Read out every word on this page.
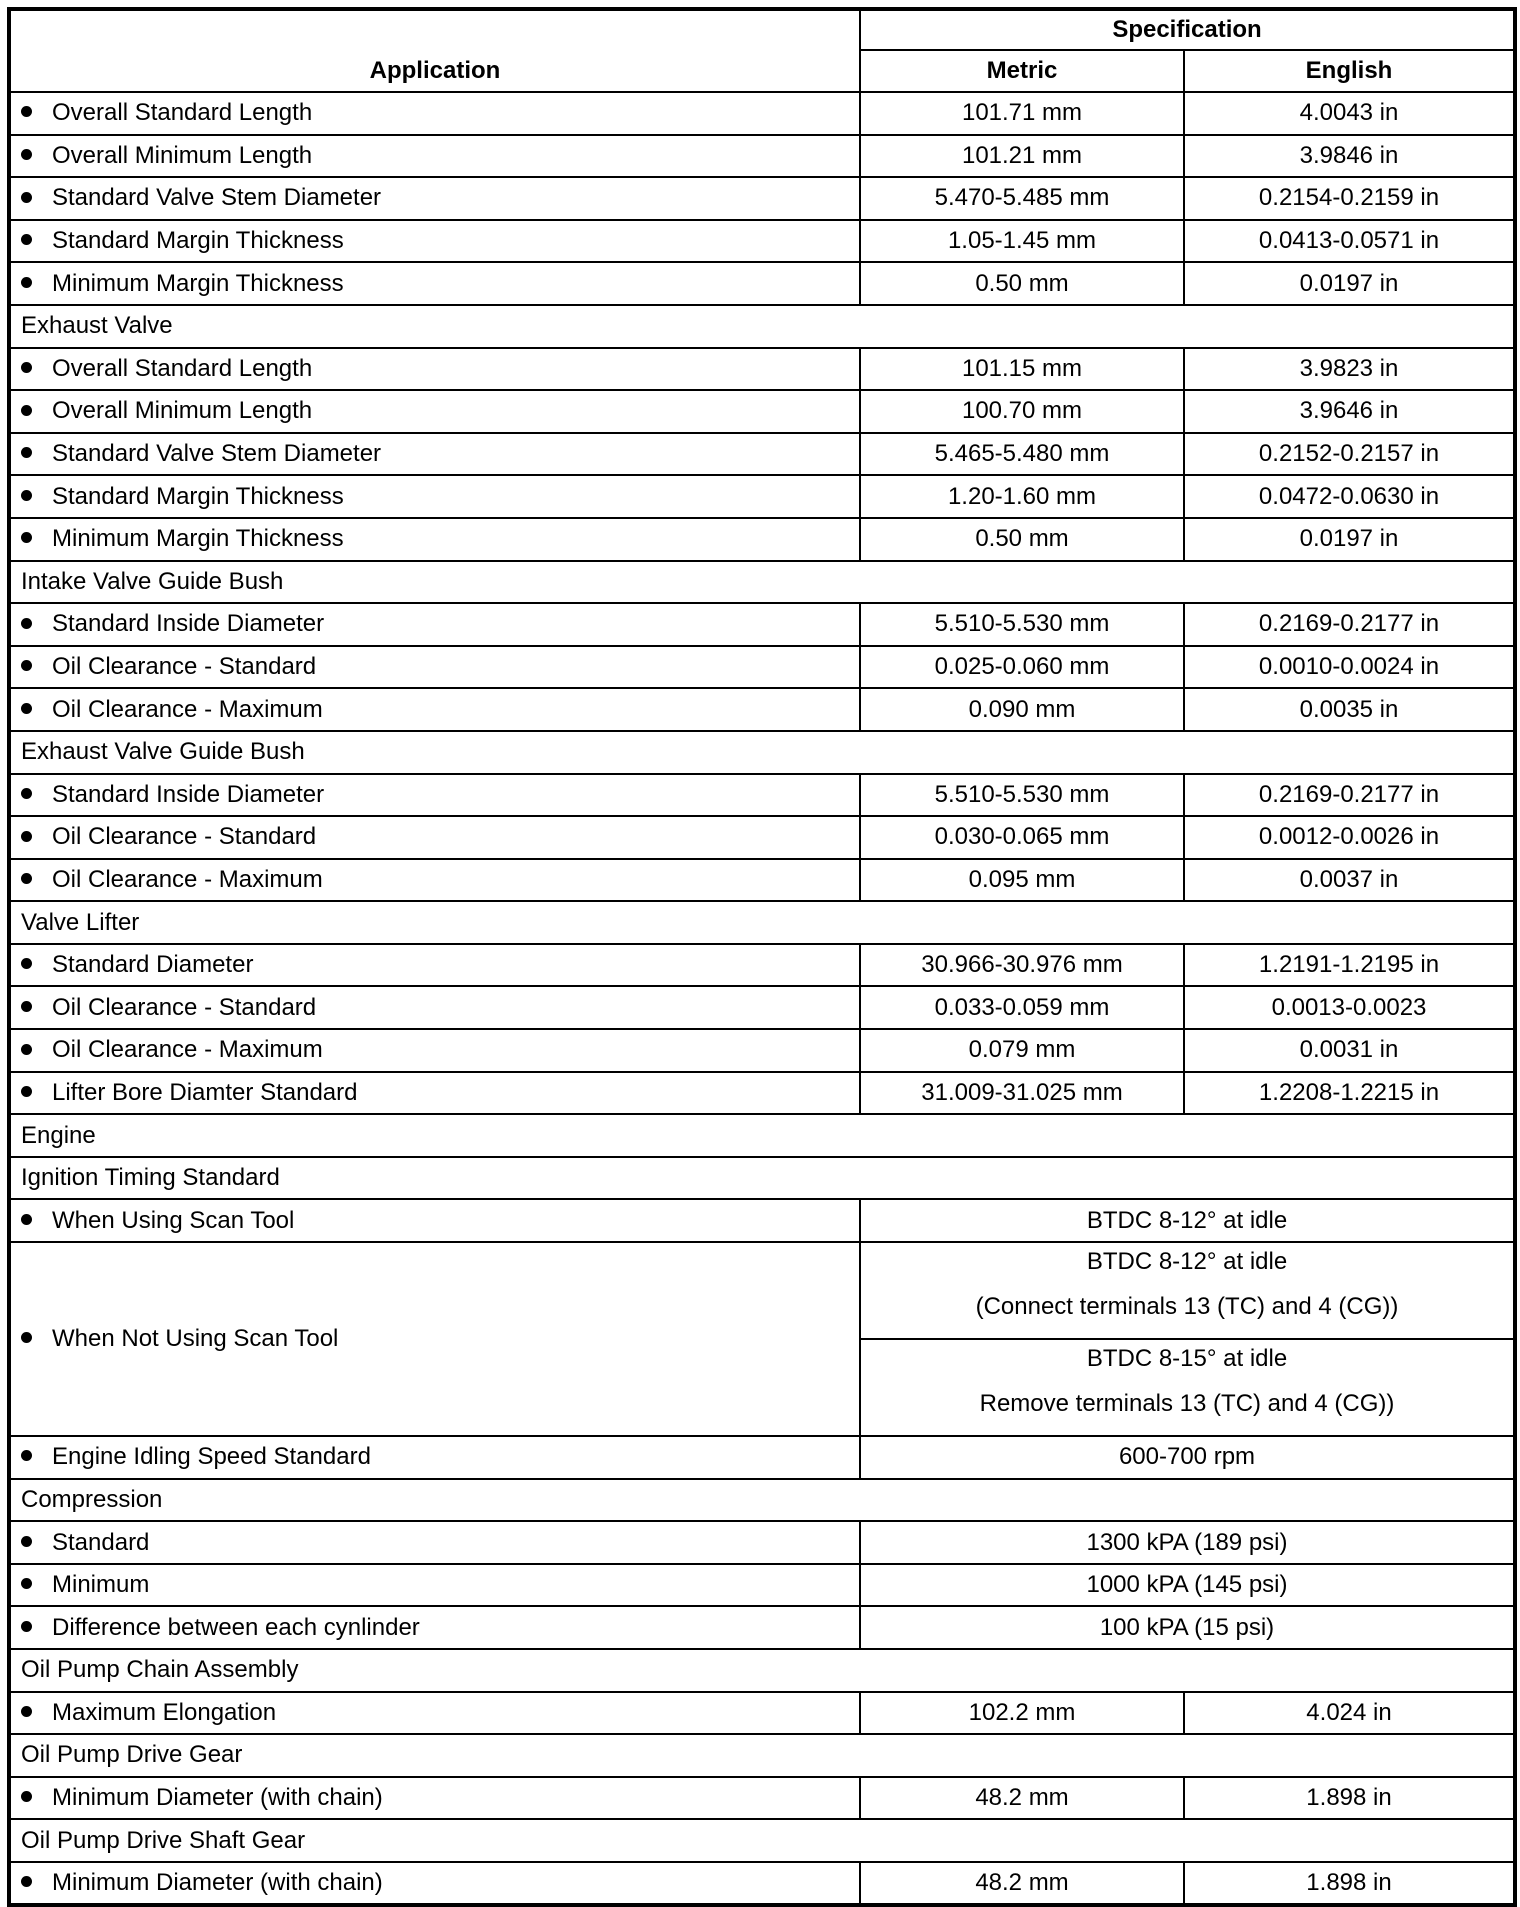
Application	Specification	
	Metric	English
Overall Standard Length	101.71 mm	4.0043 in
Overall Minimum Length	101.21 mm	3.9846 in
Standard Valve Stem Diameter	5.470-5.485 mm	0.2154-0.2159 in
Standard Margin Thickness	1.05-1.45 mm	0.0413-0.0571 in
Minimum Margin Thickness	0.50 mm	0.0197 in
Exhaust Valve		
Overall Standard Length	101.15 mm	3.9823 in
Overall Minimum Length	100.70 mm	3.9646 in
Standard Valve Stem Diameter	5.465-5.480 mm	0.2152-0.2157 in
Standard Margin Thickness	1.20-1.60 mm	0.0472-0.0630 in
Minimum Margin Thickness	0.50 mm	0.0197 in
Intake Valve Guide Bush		
Standard Inside Diameter	5.510-5.530 mm	0.2169-0.2177 in
Oil Clearance - Standard	0.025-0.060 mm	0.0010-0.0024 in
Oil Clearance - Maximum	0.090 mm	0.0035 in
Exhaust Valve Guide Bush		
Standard Inside Diameter	5.510-5.530 mm	0.2169-0.2177 in
Oil Clearance - Standard	0.030-0.065 mm	0.0012-0.0026 in
Oil Clearance - Maximum	0.095 mm	0.0037 in
Valve Lifter		
Standard Diameter	30.966-30.976 mm	1.2191-1.2195 in
Oil Clearance - Standard	0.033-0.059 mm	0.0013-0.0023
Oil Clearance - Maximum	0.079 mm	0.0031 in
Lifter Bore Diamter Standard	31.009-31.025 mm	1.2208-1.2215 in
Engine		
Ignition Timing Standard		
When Using Scan Tool	BTDC 8-12° at idle	
When Not Using Scan Tool	BTDC 8-12° at idle
(Connect terminals 13 (TC) and 4 (CG))	

	BTDC 8-15° at idle
Remove terminals 13 (TC) and 4 (CG))	

Engine Idling Speed Standard	600-700 rpm	
Compression		
Standard	1300 kPA (189 psi)	
Minimum	1000 kPA (145 psi)	
Difference between each cynlinder	100 kPA (15 psi)	
Oil Pump Chain Assembly		
Maximum Elongation	102.2 mm	4.024 in
Oil Pump Drive Gear		
Minimum Diameter (with chain)	48.2 mm	1.898 in
Oil Pump Drive Shaft Gear		
Minimum Diameter (with chain)	48.2 mm	1.898 in
